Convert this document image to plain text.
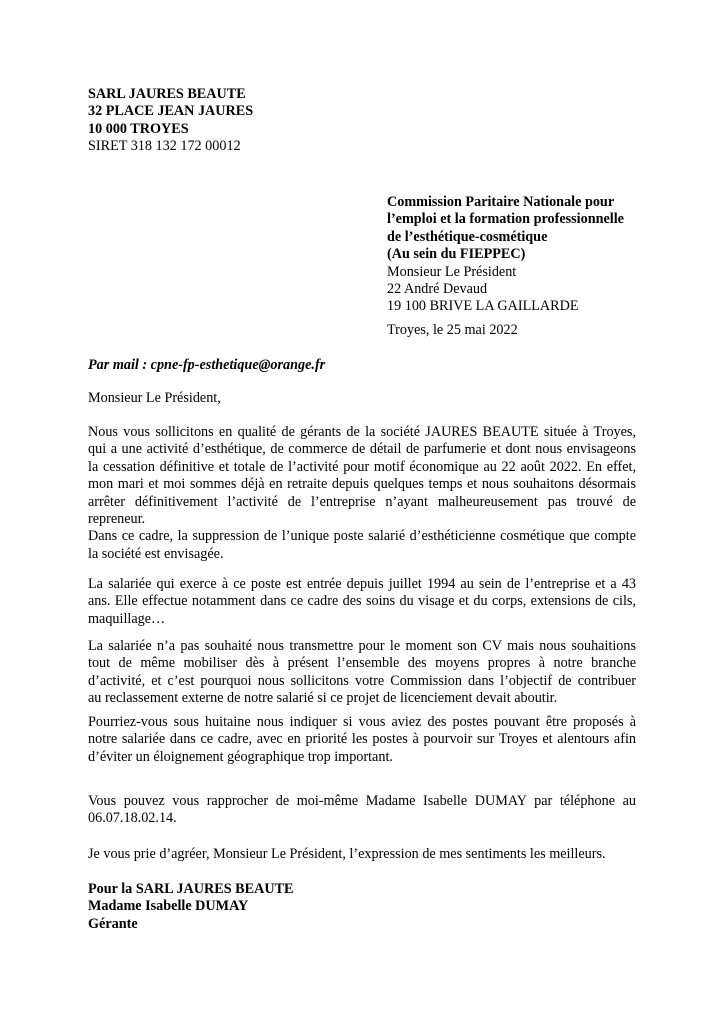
SARL JAURES BEAUTE
32 PLACE JEAN JAURES
10 000 TROYES
SIRET 318 132 172 00012
Commission Paritaire Nationale pour
l’emploi et la formation professionnelle
de l’esthétique-cosmétique
(Au sein du FIEPPEC)
Monsieur Le Président
22 André Devaud
19 100 BRIVE LA GAILLARDE
Troyes, le 25 mai 2022
Par mail : cpne-fp-esthetique@orange.fr
Monsieur Le Président,
Nous vous sollicitons en qualité de gérants de la société JAURES BEAUTE située à Troyes,
qui a une activité d’esthétique, de commerce de détail de parfumerie et dont nous envisageons
la cessation définitive et totale de l’activité pour motif économique au 22 août 2022. En effet,
mon mari et moi sommes déjà en retraite depuis quelques temps et nous souhaitons désormais
arrêter définitivement l’activité de l’entreprise n’ayant malheureusement pas trouvé de
repreneur.
Dans ce cadre, la suppression de l’unique poste salarié d’esthéticienne cosmétique que compte
la société est envisagée.
La salariée qui exerce à ce poste est entrée depuis juillet 1994 au sein de l’entreprise et a 43
ans. Elle effectue notamment dans ce cadre des soins du visage et du corps, extensions de cils,
maquillage…
La salariée n’a pas souhaité nous transmettre pour le moment son CV mais nous souhaitions
tout de même mobiliser dès à présent l’ensemble des moyens propres à notre branche
d’activité, et c’est pourquoi nous sollicitons votre Commission dans l’objectif de contribuer
au reclassement externe de notre salarié si ce projet de licenciement devait aboutir.
Pourriez-vous sous huitaine nous indiquer si vous aviez des postes pouvant être proposés à
notre salariée dans ce cadre, avec en priorité les postes à pourvoir sur Troyes et alentours afin
d’éviter un éloignement géographique trop important.
Vous pouvez vous rapprocher de moi-même Madame Isabelle DUMAY par téléphone au
06.07.18.02.14.
Je vous prie d’agréer, Monsieur Le Président, l’expression de mes sentiments les meilleurs.
Pour la SARL JAURES BEAUTE
Madame Isabelle DUMAY
Gérante
